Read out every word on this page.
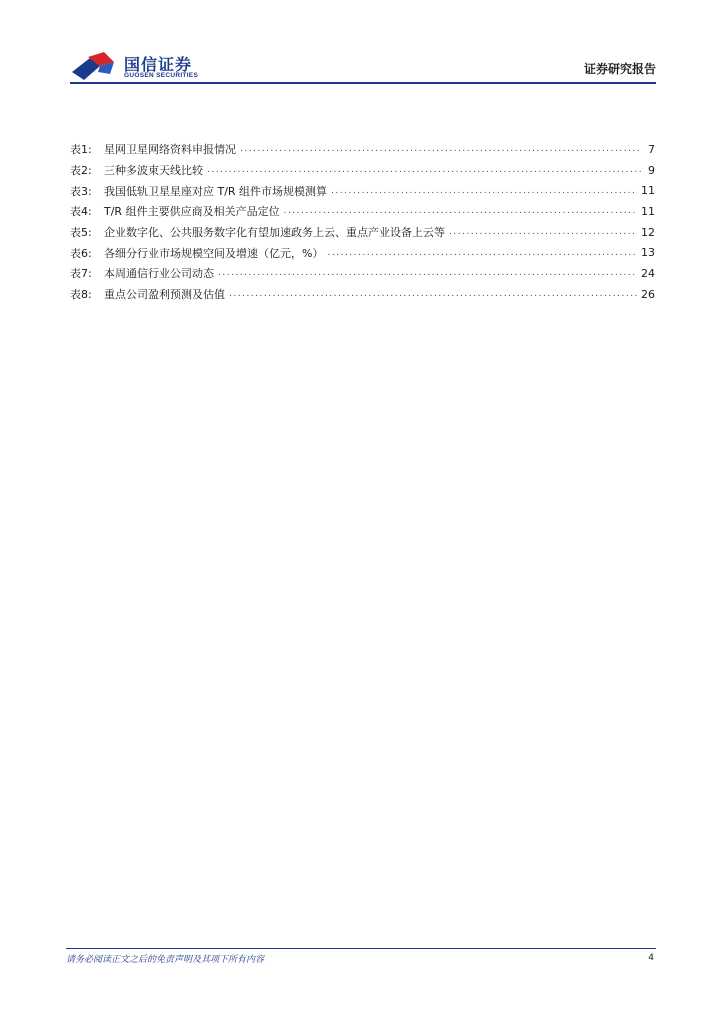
国信证券
GUOSEN SECURITIES	证券研究报告
表1:	星网卫星网络资料申报情况 .....	7
表2:	三种多波束天线比较 .....	9
表3:	我国低轨卫星星座对应 T/R 组件市场规模测算 .....	11
表4:	T/R 组件主要供应商及相关产品定位 .....	11
表5:	企业数字化、公共服务数字化有望加速政务上云、重点产业设备上云等 .....	12
表6:	各细分行业市场规模空间及增速（亿元，%） .....	13
表7:	本周通信行业公司动态 .....	24
表8:	重点公司盈利预测及估值 .....	26
请务必阅读正文之后的免责声明及其项下所有内容	4
